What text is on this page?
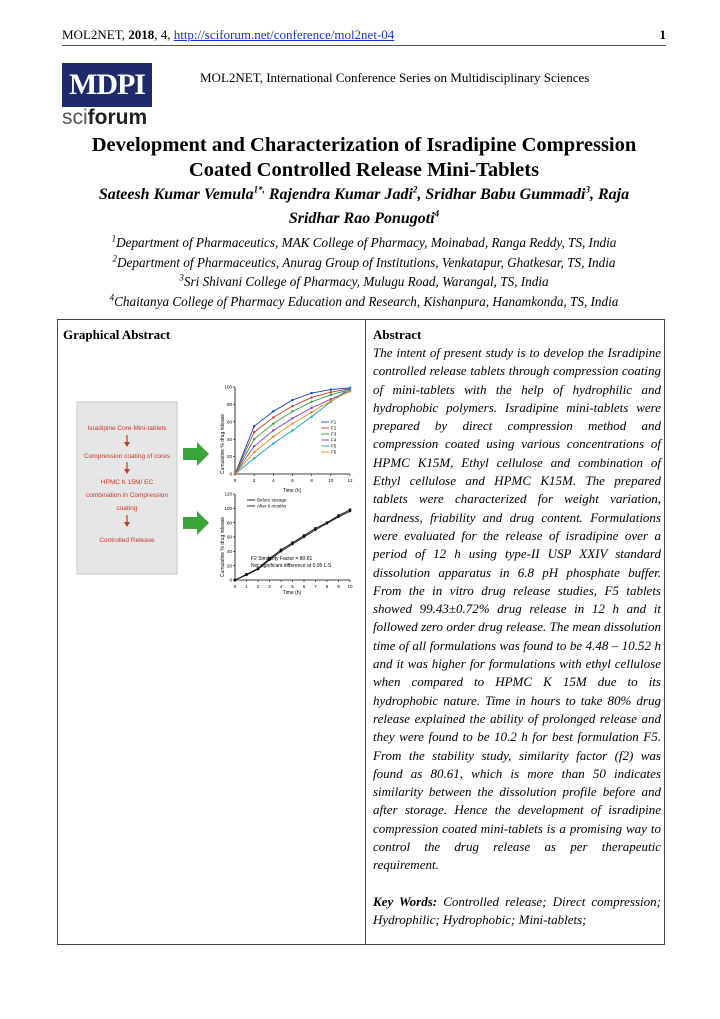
MOL2NET, 2018, 4, http://sciforum.net/conference/mol2net-04	1
MDPI
sciforum
MOL2NET, International Conference Series on Multidisciplinary Sciences
Development and Characterization of Isradipine Compression Coated Controlled Release Mini-Tablets
Sateesh Kumar Vemula$^{1*,}$ Rajendra Kumar Jadi$^2$, Sridhar Babu Gummadi$^3$, Raja
Sridhar Rao Ponugoti$^4$
$^1$Department of Pharmaceutics, MAK College of Pharmacy, Moinabad, Ranga Reddy, TS, India
$^2$Department of Pharmaceutics, Anurag Group of Institutions, Venkatapur, Ghatkesar, TS, India
$^3$Sri Shivani College of Pharmacy, Mulugu Road, Warangal, TS, India
$^4$Chaitanya College of Pharmacy Education and Research, Kishanpura, Hanamkonda, TS, India
Graphical Abstract	Abstract
The intent of present study is to develop the Isradipine controlled release tablets through compression coating of mini-tablets with the help of hydrophilic and hydrophobic polymers. Isradipine mini-tablets were prepared by direct compression method and compression coated using various concentrations of HPMC K15M, Ethyl cellulose and combination of Ethyl cellulose and HPMC K15M. The prepared tablets were characterized for weight variation, hardness, friability and drug content. Formulations were evaluated for the release of isradipine over a period of 12 h using type-II USP XXIV standard dissolution apparatus in 6.8 pH phosphate buffer. From the in vitro drug release studies, F5 tablets showed 99.43±0.72% drug release in 12 h and it followed zero order drug release. The mean dissolution time of all formulations was found to be 4.48 – 10.52 h and it was higher for formulations with ethyl cellulose when compared to HPMC K 15M due to its hydrophobic nature. Time in hours to take 80% drug release explained the ability of prolonged release and they were found to be 10.2 h for best formulation F5. From the stability study, similarity factor (f2) was found as 80.61, which is more than 50 indicates similarity between the dissolution profile before and after storage. Hence the development of isradipine compression coated mini-tablets is a promising way to control the drug release as per therapeutic requirement.
Key Words: Controlled release; Direct compression; Hydrophilic; Hydrophobic; Mini-tablets;
Isradipine Core Mini-tablets
Compression coating of cores
HPMC K 15M/ EC
combination in Compression
coating
Controlled Release
Cumulative % drug release
100
80
60
40
20
0
0	2	4	6	8	10	12
F1
F2
F3
F4
F5
F6
Time (h)
Cumulative % drug release
120
100
80
60
40
20
0
0 1 2 3 4 5 6 7 8 9 10
Before storage
After 6 months
F2 Similarity Factor = 80.61
Not significant difference at 0.05 L.S
Time (h)
